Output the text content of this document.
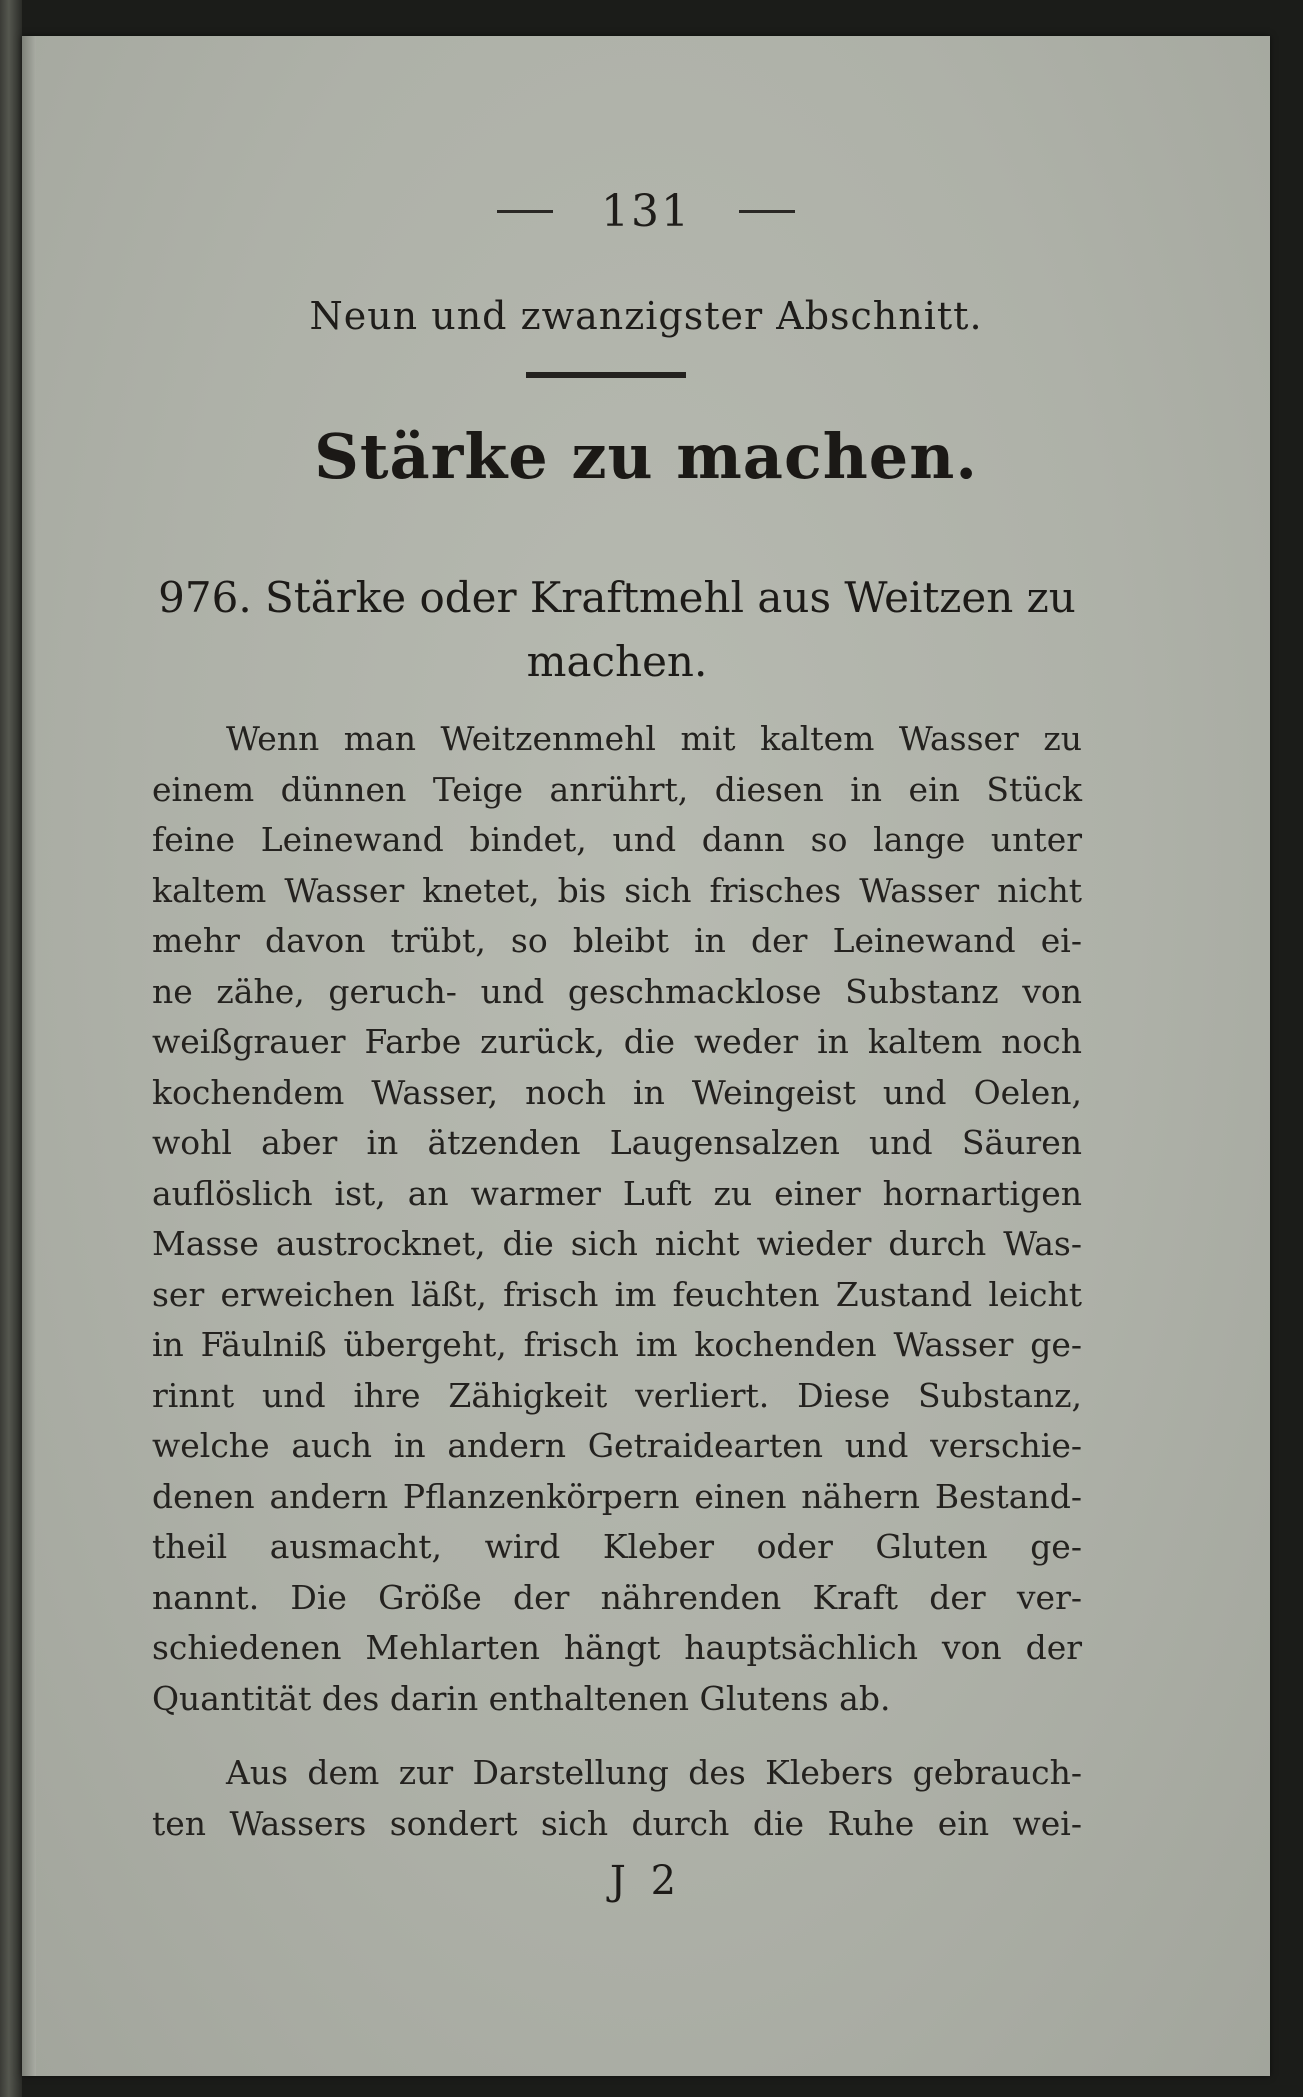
131
Neun und zwanzigster Abschnitt.
Stärke zu machen.
976. Stärke oder Kraftmehl aus Weitzen zu machen.
Wenn man Weitzenmehl mit kaltem Wasser zu
einem dünnen Teige anrührt, diesen in ein Stück
feine Leinewand bindet, und dann so lange unter
kaltem Wasser knetet, bis sich frisches Wasser nicht
mehr davon trübt, so bleibt in der Leinewand ei-
ne zähe, geruch- und geschmacklose Substanz von
weißgrauer Farbe zurück, die weder in kaltem noch
kochendem Wasser, noch in Weingeist und Oelen,
wohl aber in ätzenden Laugensalzen und Säuren
auflöslich ist, an warmer Luft zu einer hornartigen
Masse austrocknet, die sich nicht wieder durch Was-
ser erweichen läßt, frisch im feuchten Zustand leicht
in Fäulniß übergeht, frisch im kochenden Wasser ge-
rinnt und ihre Zähigkeit verliert. Diese Substanz,
welche auch in andern Getraidearten und verschie-
denen andern Pflanzenkörpern einen nähern Bestand-
theil ausmacht, wird Kleber oder Gluten ge-
nannt. Die Größe der nährenden Kraft der ver-
schiedenen Mehlarten hängt hauptsächlich von der
Quantität des darin enthaltenen Glutens ab.
Aus dem zur Darstellung des Klebers gebrauch-
ten Wassers sondert sich durch die Ruhe ein wei-
J 2
